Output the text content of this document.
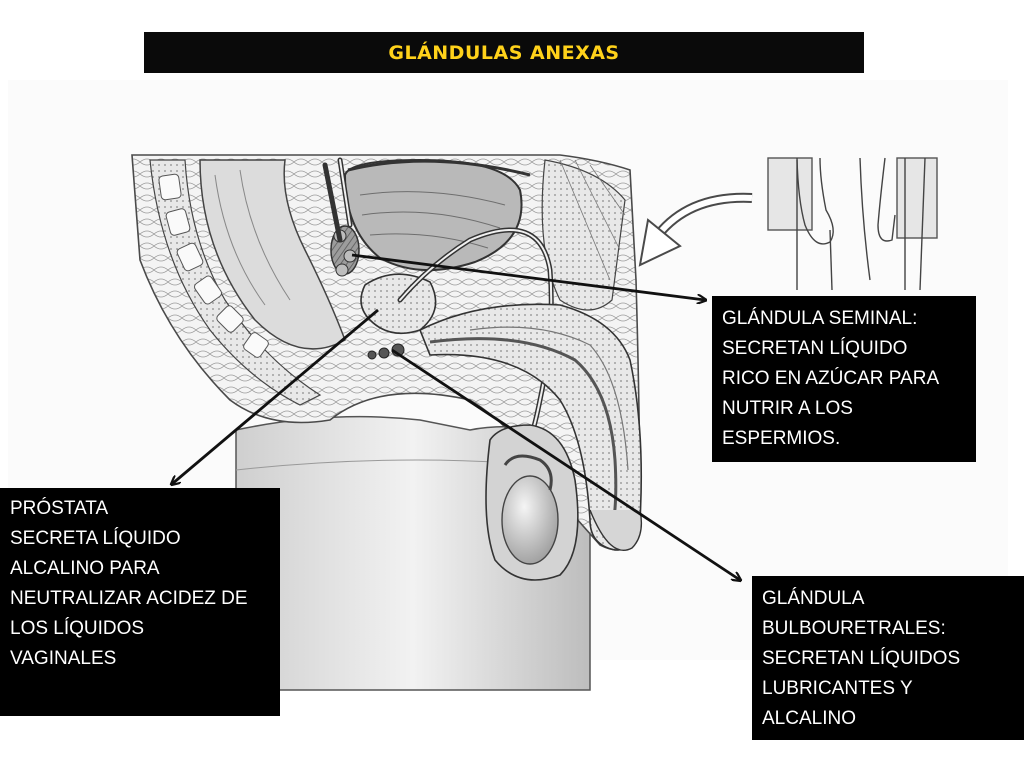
GLÁNDULAS ANEXAS
GLÁNDULA SEMINAL:
SECRETAN LÍQUIDO
RICO EN AZÚCAR PARA
NUTRIR A LOS
ESPERMIOS.
PRÓSTATA
SECRETA LÍQUIDO
ALCALINO PARA
NEUTRALIZAR ACIDEZ DE
LOS LÍQUIDOS
VAGINALES
GLÁNDULA
BULBOURETRALES:
SECRETAN LÍQUIDOS
LUBRICANTES Y
ALCALINO
